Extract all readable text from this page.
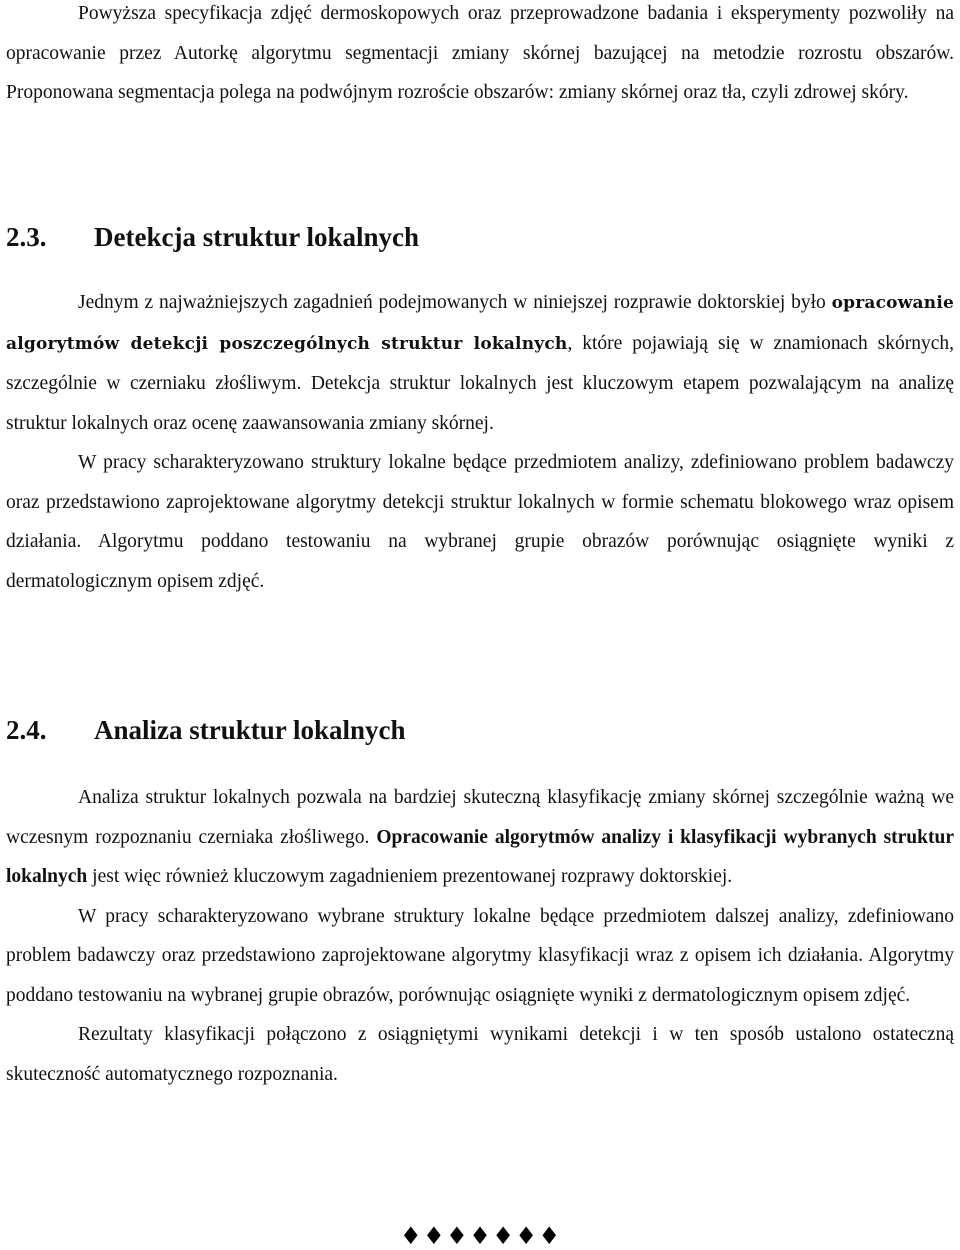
Powyższa specyfikacja zdjęć dermoskopowych oraz przeprowadzone badania i eksperymenty pozwoliły na opracowanie przez Autorkę algorytmu segmentacji zmiany skórnej bazującej na metodzie rozrostu obszarów. Proponowana segmentacja polega na podwójnym rozroście obszarów: zmiany skórnej oraz tła, czyli zdrowej skóry.

2.3. Detekcja struktur lokalnych

Jednym z najważniejszych zagadnień podejmowanych w niniejszej rozprawie doktorskiej było opracowanie algorytmów detekcji poszczególnych struktur lokalnych, które pojawiają się w znamionach skórnych, szczególnie w czerniaku złośliwym. Detekcja struktur lokalnych jest kluczowym etapem pozwalającym na analizę struktur lokalnych oraz ocenę zaawansowania zmiany skórnej.

W pracy scharakteryzowano struktury lokalne będące przedmiotem analizy, zdefiniowano problem badawczy oraz przedstawiono zaprojektowane algorytmy detekcji struktur lokalnych w formie schematu blokowego wraz opisem działania. Algorytmu poddano testowaniu na wybranej grupie obrazów porównując osiągnięte wyniki z dermatologicznym opisem zdjęć.

2.4. Analiza struktur lokalnych

Analiza struktur lokalnych pozwala na bardziej skuteczną klasyfikację zmiany skórnej szczególnie ważną we wczesnym rozpoznaniu czerniaka złośliwego. Opracowanie algorytmów analizy i klasyfikacji wybranych struktur lokalnych jest więc również kluczowym zagadnieniem prezentowanej rozprawy doktorskiej.

W pracy scharakteryzowano wybrane struktury lokalne będące przedmiotem dalszej analizy, zdefiniowano problem badawczy oraz przedstawiono zaprojektowane algorytmy klasyfikacji wraz z opisem ich działania. Algorytmy poddano testowaniu na wybranej grupie obrazów, porównując osiągnięte wyniki z dermatologicznym opisem zdjęć.

Rezultaty klasyfikacji połączono z osiągniętymi wynikami detekcji i w ten sposób ustalono ostateczną skuteczność automatycznego rozpoznania.

♦ ♦ ♦ ♦ ♦ ♦ ♦
